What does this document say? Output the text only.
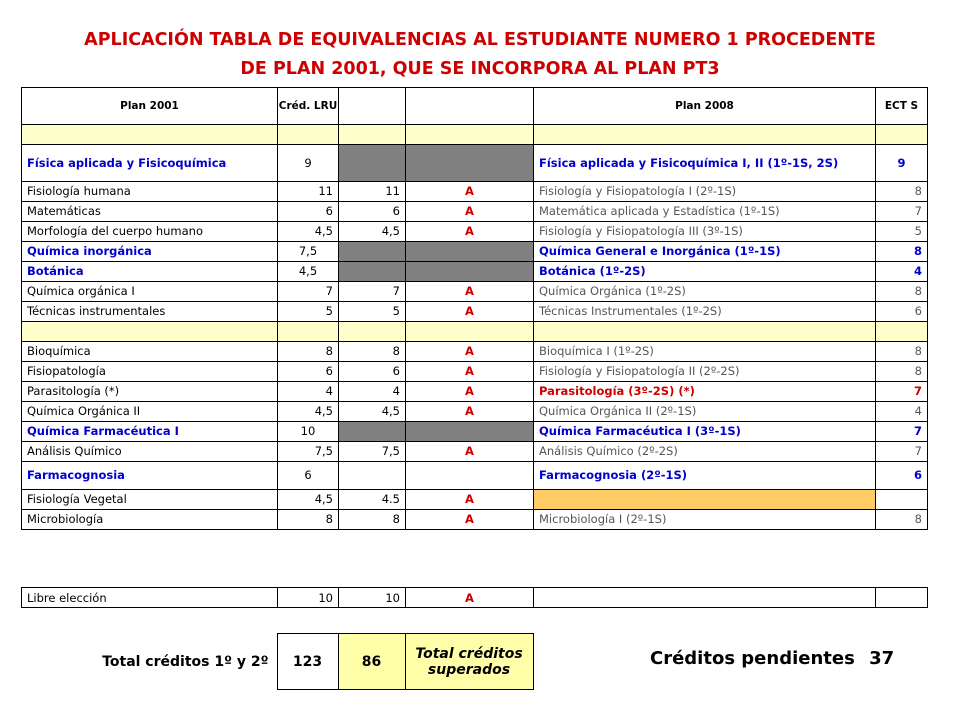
APLICACIÓN TABLA DE EQUIVALENCIAS AL ESTUDIANTE NUMERO 1 PROCEDENTE
DE PLAN 2001, QUE SE INCORPORA AL PLAN PT3
Plan 2001	Créd. LRU			Plan 2008	ECT S

Física aplicada y Fisicoquímica	9			Física aplicada y Fisicoquímica I, II (1º-1S, 2S)	9
Fisiología humana	11	11	A	Fisiología y Fisiopatología I (2º-1S)	8
Matemáticas	6	6	A	Matemática aplicada y Estadística (1º-1S)	7
Morfología del cuerpo humano	4,5	4,5	A	Fisiología y Fisiopatología III (3º-1S)	5
Química inorgánica	7,5			Química General e Inorgánica (1º-1S)	8
Botánica	4,5			Botánica (1º-2S)	4
Química orgánica I	7	7	A	Química Orgánica (1º-2S)	8
Técnicas instrumentales	5	5	A	Técnicas Instrumentales (1º-2S)	6

Bioquímica	8	8	A	Bioquímica I (1º-2S)	8
Fisiopatología	6	6	A	Fisiología y Fisiopatología II (2º-2S)	8
Parasitología (*)	4	4	A	Parasitología (3º-2S) (*)	7
Química Orgánica II	4,5	4,5	A	Química Orgánica II (2º-1S)	4
Química Farmacéutica I	10			Química Farmacéutica I (3º-1S)	7
Análisis Químico	7,5	7,5	A	Análisis Químico (2º-2S)	7
Farmacognosia	6			Farmacognosia (2º-1S)	6
Fisiología Vegetal	4,5	4.5	A		
Microbiología	8	8	A	Microbiología I (2º-1S)	8
Libre elección	10	10	A		
Total créditos 1º y 2º	123	86	Total créditos superados
Créditos pendientes 37
